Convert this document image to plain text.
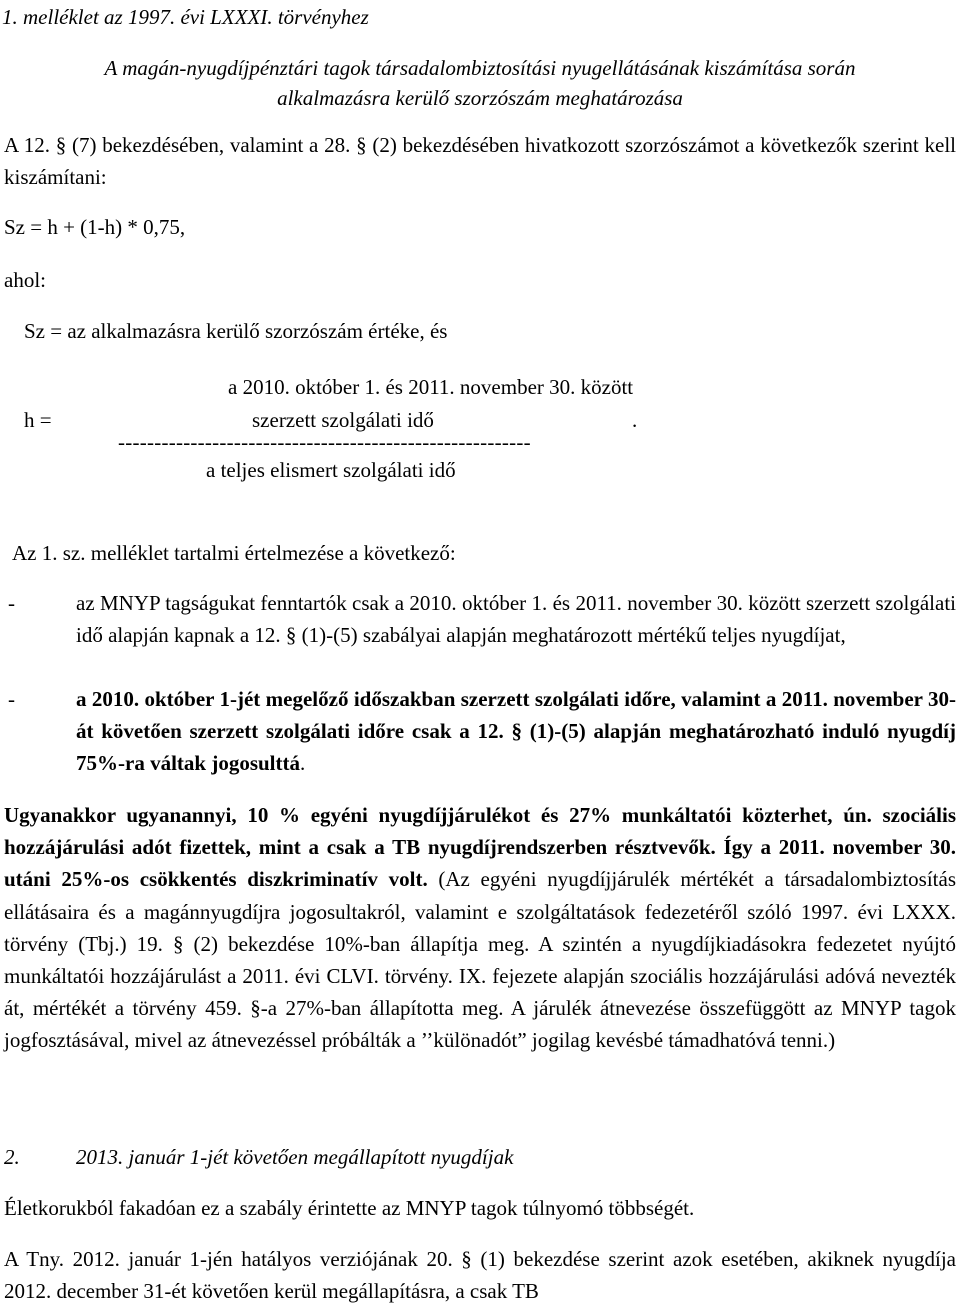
1. melléklet az 1997. évi LXXXI. törvényhez
A magán-nyugdíjpénztári tagok társadalombiztosítási nyugellátásának kiszámítása során
alkalmazásra kerülő szorzószám meghatározása
A 12. § (7) bekezdésében, valamint a 28. § (2) bekezdésében hivatkozott szorzószámot a következők szerint kell kiszámítani:
Sz = h + (1-h) * 0,75,
ahol:
Sz = az alkalmazásra kerülő szorzószám értéke, és
h =
a 2010. október 1. és 2011. november 30. között
szerzett szolgálati idő	.
---------------------------------------------------------
a teljes elismert szolgálati idő
Az 1. sz. melléklet tartalmi értelmezése a következő:
-	az MNYP tagságukat fenntartók csak a 2010. október 1. és 2011. november 30. között szerzett szolgálati idő alapján kapnak a 12. § (1)-(5) szabályai alapján meghatározott mértékű teljes nyugdíjat,
-	a 2010. október 1-jét megelőző időszakban szerzett szolgálati időre, valamint a 2011. november 30-át követően szerzett szolgálati időre csak a 12. § (1)-(5) alapján meghatározható induló nyugdíj 75%-ra váltak jogosulttá.
Ugyanakkor ugyanannyi, 10 % egyéni nyugdíjjárulékot és 27% munkáltatói közterhet, ún. szociális hozzájárulási adót fizettek, mint a csak a TB nyugdíjrendszerben résztvevők. Így a 2011. november 30. utáni 25%-os csökkentés diszkriminatív volt. (Az egyéni nyugdíjjárulék mértékét a társadalombiztosítás ellátásaira és a magánnyugdíjra jogosultakról, valamint e szolgáltatások fedezetéről szóló 1997. évi LXXX. törvény (Tbj.) 19. § (2) bekezdése 10%-ban állapítja meg. A szintén a nyugdíjkiadásokra fedezetet nyújtó munkáltatói hozzájárulást a 2011. évi CLVI. törvény. IX. fejezete alapján szociális hozzájárulási adóvá nevezték át, mértékét a törvény 459. §-a 27%-ban állapította meg. A járulék átnevezése összefüggött az MNYP tagok jogfosztásával, mivel az átnevezéssel próbálták a ’’különadót” jogilag kevésbé támadhatóvá tenni.)
2.	2013. január 1-jét követően megállapított nyugdíjak
Életkorukból fakadóan ez a szabály érintette az MNYP tagok túlnyomó többségét.
A Tny. 2012. január 1-jén hatályos verziójának 20. § (1) bekezdése szerint azok esetében, akiknek nyugdíja 2012. december 31-ét követően kerül megállapításra, a csak TB
